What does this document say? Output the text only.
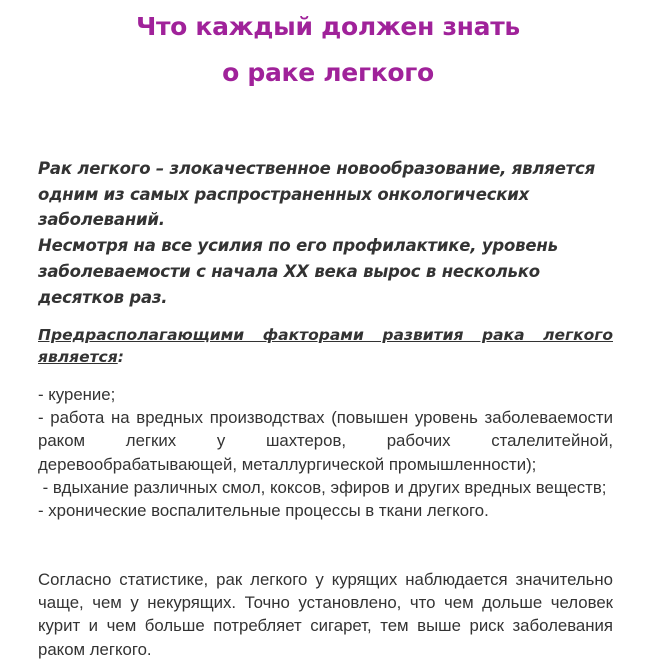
Что каждый должен знать
о раке легкого
Рак легкого – злокачественное новообразование, является одним из самых распространенных онкологических заболеваний.
Несмотря на все усилия по его профилактике, уровень заболеваемости с начала XX века вырос в несколько десятков раз.

Предрасполагающими факторами развития рака легкого является:

- курение;

- работа на вредных производствах (повышен уровень заболеваемости раком легких у шахтеров, рабочих сталелитейной, деревообрабатывающей, металлургической промышленности);

- вдыхание различных смол, коксов, эфиров и других вредных веществ;

- хронические воспалительные процессы в ткани легкого.

Согласно статистике, рак легкого у курящих наблюдается значительно чаще, чем у некурящих. Точно установлено, что чем дольше человек курит и чем больше потребляет сигарет, тем выше риск заболевания раком легкого.
